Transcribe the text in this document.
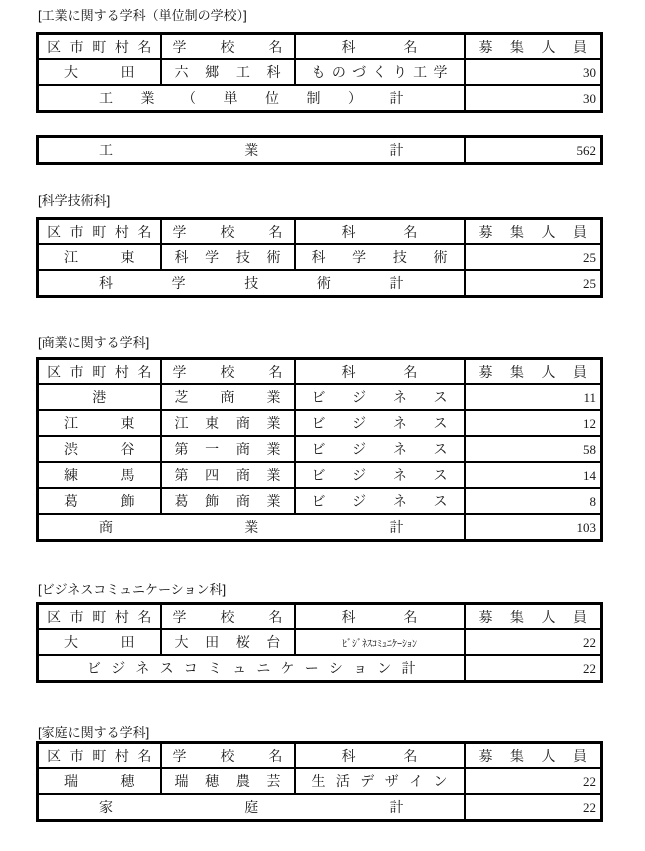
[工業に関する学科（単位制の学校）]
区 市 町 村 名	学 校 名	科 名	募 集 人 員
大 田	六 郷 工 科	も の づ く り 工 学	30
工 業 （ 単 位 制 ） 計			30
工 業 計	562
[科学技術科]
区 市 町 村 名	学 校 名	科 名	募 集 人 員
江 東	科 学 技 術	科 学 技 術	25
科 学 技 術 計			25
[商業に関する学科]
区 市 町 村 名	学 校 名	科 名	募 集 人 員
港	芝 商 業	ビ ジ ネ ス	11
江 東	江 東 商 業	ビ ジ ネ ス	12
渋 谷	第 一 商 業	ビ ジ ネ ス	58
練 馬	第 四 商 業	ビ ジ ネ ス	14
葛 飾	葛 飾 商 業	ビ ジ ネ ス	8
商 業 計			103
[ビジネスコミュニケーション科]
区 市 町 村 名	学 校 名	科 名	募 集 人 員
大 田	大 田 桜 台	ﾋﾞｼﾞﾈｽｺﾐｭﾆｹｰｼｮﾝ	22
ビ ジ ネ ス コ ミ ュ ニ ケ ー シ ョ ン 計			22
[家庭に関する学科]
区 市 町 村 名	学 校 名	科 名	募 集 人 員
瑞 穂	瑞 穂 農 芸	生 活 デ ザ イ ン	22
家 庭 計			22
